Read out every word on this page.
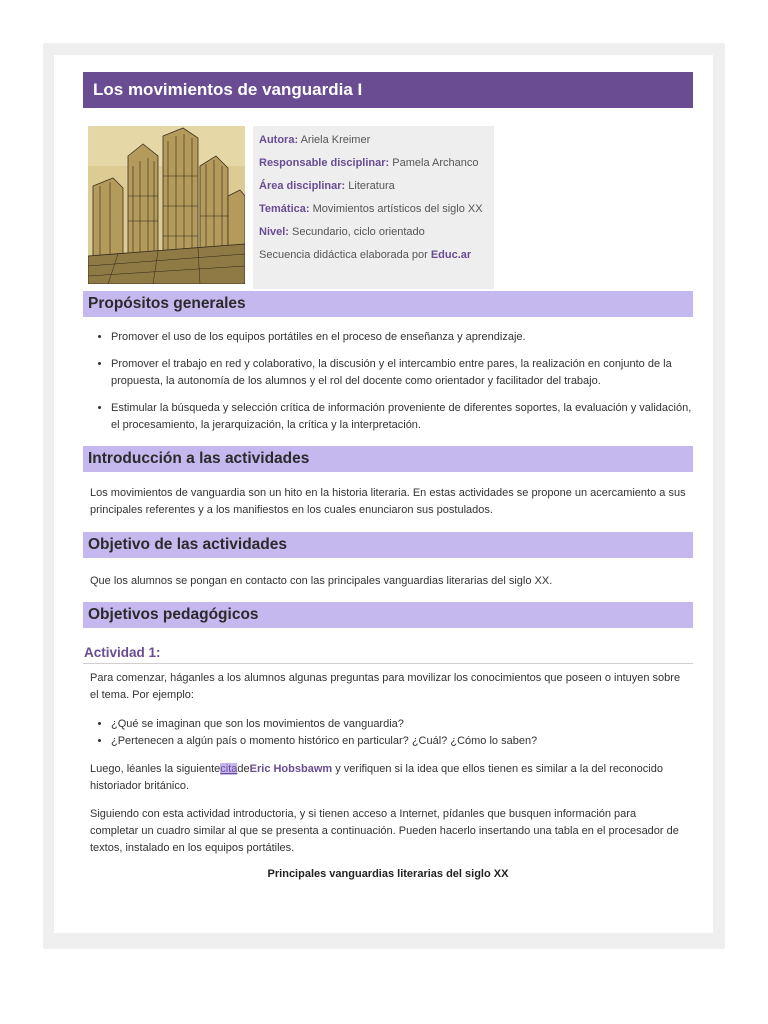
Los movimientos de vanguardia I
Autora: Ariela Kreimer
Responsable disciplinar: Pamela Archanco
Área disciplinar: Literatura
Temática: Movimientos artísticos del siglo XX
Nivel: Secundario, ciclo orientado
Secuencia didáctica elaborada por Educ.ar
Propósitos generales
• Promover el uso de los equipos portátiles en el proceso de enseñanza y aprendizaje.
• Promover el trabajo en red y colaborativo, la discusión y el intercambio entre pares, la realización en conjunto de la propuesta, la autonomía de los alumnos y el rol del docente como orientador y facilitador del trabajo.
• Estimular la búsqueda y selección crítica de información proveniente de diferentes soportes, la evaluación y validación, el procesamiento, la jerarquización, la crítica y la interpretación.
Introducción a las actividades

Los movimientos de vanguardia son un hito en la historia literaria. En estas actividades se propone un acercamiento a sus principales referentes y a los manifiestos en los cuales enunciaron sus postulados.

Objetivo de las actividades

Que los alumnos se pongan en contacto con las principales vanguardias literarias del siglo XX.

Objetivos pedagógicos
Actividad 1:

Para comenzar, háganles a los alumnos algunas preguntas para movilizar los conocimientos que poseen o intuyen sobre el tema. Por ejemplo:

• ¿Qué se imaginan que son los movimientos de vanguardia?
• ¿Pertenecen a algún país o momento histórico en particular? ¿Cuál? ¿Cómo lo saben?

Luego, léanles la siguientecitadeEric Hobsbawm y verifiquen si la idea que ellos tienen es similar a la del reconocido historiador británico.

Siguiendo con esta actividad introductoria, y si tienen acceso a Internet, pídanles que busquen información para completar un cuadro similar al que se presenta a continuación. Pueden hacerlo insertando una tabla en el procesador de textos, instalado en los equipos portátiles.

Principales vanguardias literarias del siglo XX
